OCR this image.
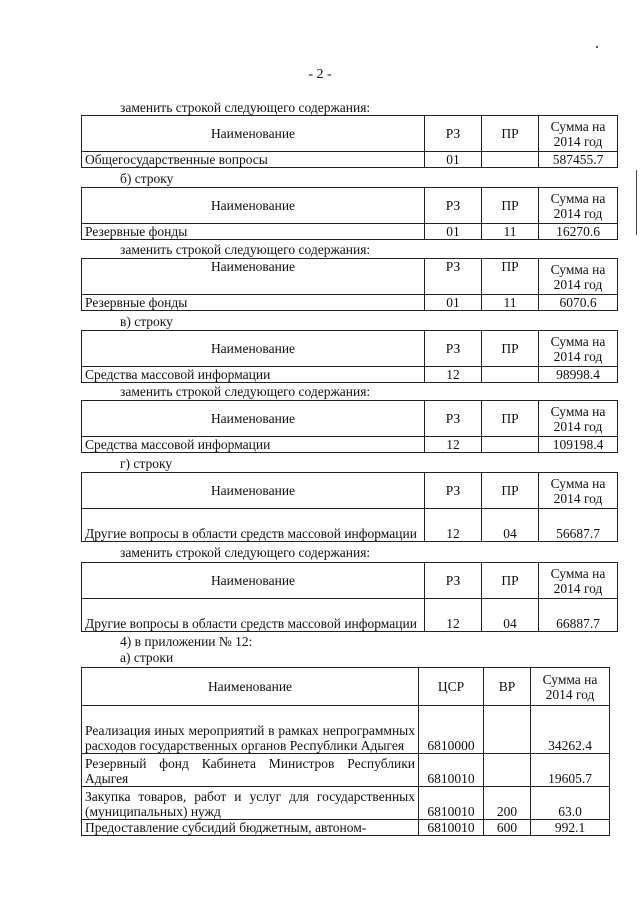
- 2 -
заменить строкой следующего содержания:
Наименование	РЗ	ПР	Сумма на
2014 год
Общегосударственные вопросы	01		587455.7
б) строку
Наименование	РЗ	ПР	Сумма на
2014 год
Резервные фонды	01	11	16270.6
заменить строкой следующего содержания:
Наименование	РЗ	ПР	Сумма на
2014 год
Резервные фонды	01	11	6070.6
в) строку
Наименование	РЗ	ПР	Сумма на
2014 год
Средства массовой информации	12		98998.4
заменить строкой следующего содержания:
Наименование	РЗ	ПР	Сумма на
2014 год
Средства массовой информации	12		109198.4
г) строку
Наименование	РЗ	ПР	Сумма на
2014 год
Другие вопросы в области средств массовой информации	12	04	56687.7
заменить строкой следующего содержания:
Наименование	РЗ	ПР	Сумма на
2014 год
Другие вопросы в области средств массовой информации	12	04	66887.7
4) в приложении № 12:
а) строки
Наименование	ЦСР	ВР	Сумма на
2014 год
Реализация иных мероприятий в рамках непрограммных расходов государственных органов Республики Адыгея	6810000		34262.4
Резервный фонд Кабинета Министров Республики Адыгея	6810010		19605.7
Закупка товаров, работ и услуг для государственных (муниципальных) нужд	6810010	200	63.0
Предоставление субсидий бюджетным, автоном-	6810010	600	992.1
